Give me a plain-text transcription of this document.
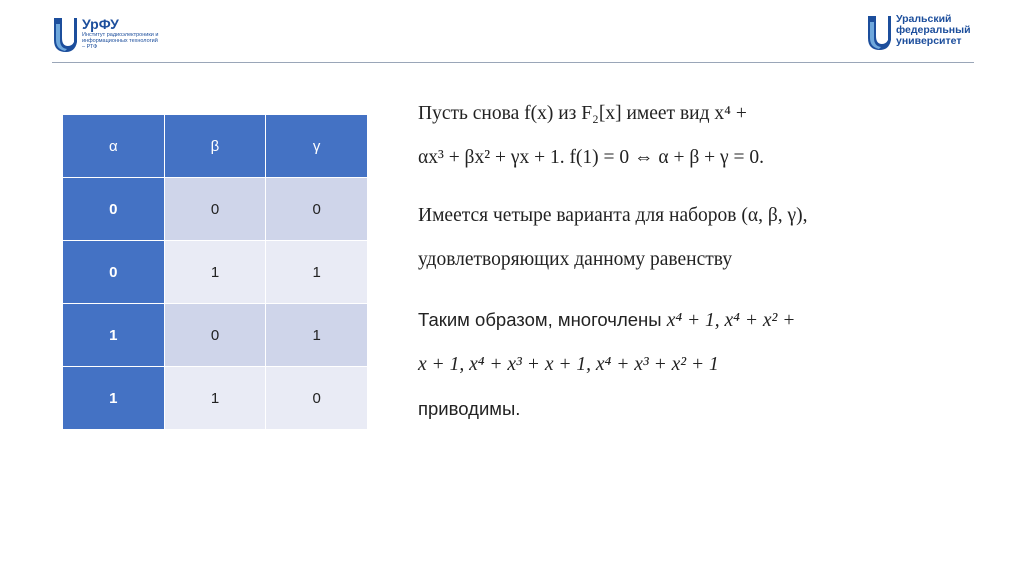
УрФУ
Институт радиоэлектроники и информационных технологий – РТФ
Уральский
федеральный
университет
α	β	γ
0	0	0
0	1	1
1	0	1
1	1	0
Пусть снова f(x) из F₂[x] имеет вид x⁴ +
αx³ + βx² + γx + 1. f(1) = 0 ⇔ α + β + γ = 0.
Имеется четыре варианта для наборов (α, β, γ),
удовлетворяющих данному равенству
Таким образом, многочлены x⁴ + 1, x⁴ + x² +
x + 1, x⁴ + x³ + x + 1, x⁴ + x³ + x² + 1
приводимы.
